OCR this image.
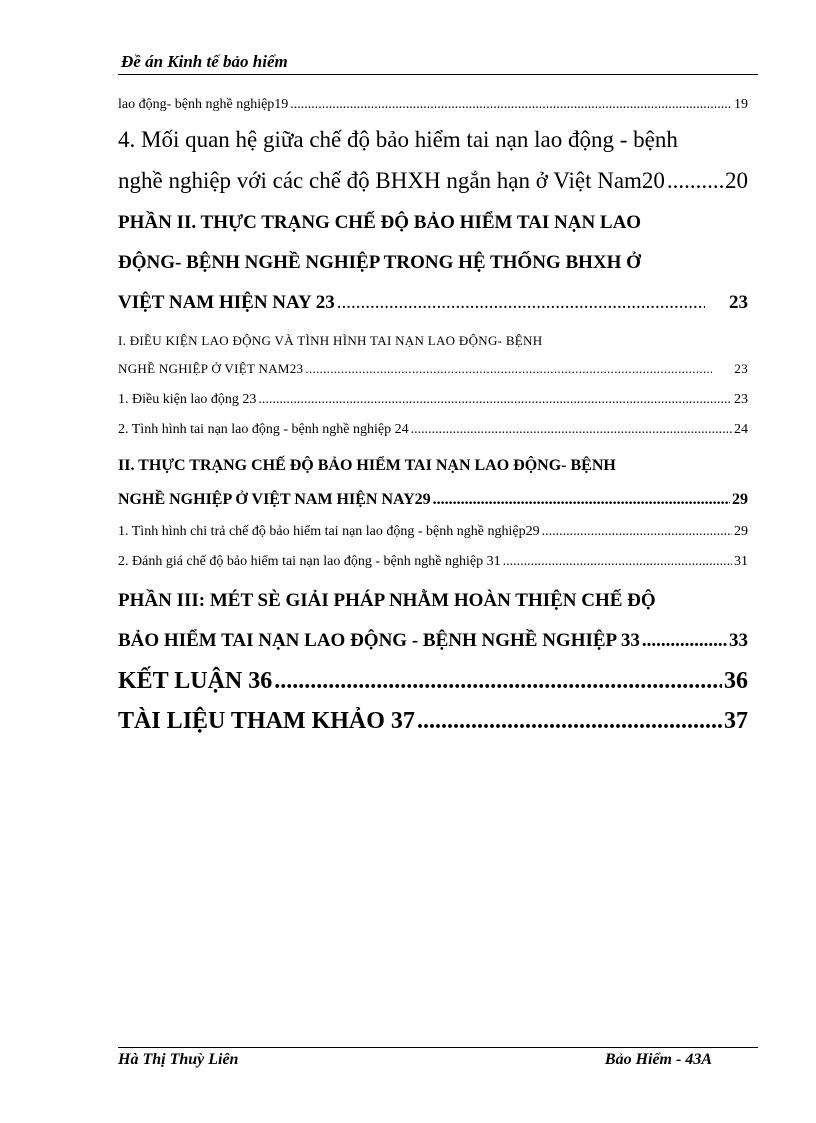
Đề án Kinh tế bảo hiểm
lao động- bệnh nghề nghiệp19 .....	19
4. Mối quan hệ giữa chế độ bảo hiểm tai nạn lao động - bệnh
nghề nghiệp với các chế độ BHXH ngắn hạn ở Việt Nam20 .....	20
PHẦN II. THỰC TRẠNG CHẾ ĐỘ BẢO HIỂM TAI NẠN LAO
ĐỘNG- BỆNH NGHỀ NGHIỆP TRONG HỆ THỐNG BHXH Ở
VIỆT NAM HIỆN NAY 23 .....	23
I. ĐIỀU KIỆN LAO ĐỘNG VÀ TÌNH HÌNH TAI NẠN LAO ĐỘNG- BỆNH
NGHỀ NGHIỆP Ở VIỆT NAM23 .....	23
1. Điều kiện lao động 23 .....	23
2. Tình hình tai nạn lao động - bệnh nghề nghiệp 24 .....	24
II. THỰC TRẠNG CHẾ ĐỘ BẢO HIỂM TAI NẠN LAO ĐỘNG- BỆNH
NGHỀ NGHIỆP Ở VIỆT NAM HIỆN NAY29 .....	29
1. Tình hình chi trả chế độ bảo hiểm tai nạn lao động - bệnh nghề nghiệp29 .....	29
2. Đánh giá chế độ bảo hiểm tai nạn lao động - bệnh nghề nghiệp 31 .....	31
PHẦN III: MÉT SÈ GIẢI PHÁP NHẰM HOÀN THIỆN CHẾ ĐỘ
BẢO HIỂM TAI NẠN LAO ĐỘNG - BỆNH NGHỀ NGHIỆP 33 .....	33
KẾT LUẬN 36 .....	36
TÀI LIỆU THAM KHẢO 37 .....	37
Hà Thị Thuỳ Liên	Bảo Hiểm - 43A
